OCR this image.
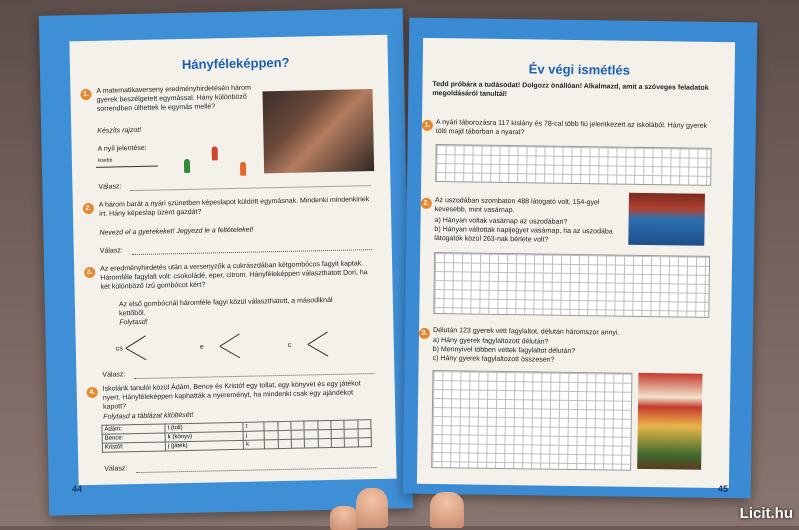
Hányféleképpen?
1.	A matematikaverseny eredményhirdetésén három gyerek beszélgetett egymással. Hány különböző sorrendben ülhettek le egymás mellé?
Készíts rajzot!
A nyíl jelentése:
kisebb
Válasz:
2.	A három barát a nyári szünetben képeslapot küldött egymásnak. Mindenki mindenkinek írt. Hány képeslap üzent gazdát?
Nevezd el a gyerekeket! Jegyezd le a feltételeket!
Válasz:
3.	Az eredményhirdetés után a versenyzők a cukrászdában kétgombócos fagyit kaptak. Háromféle fagylalt volt: csokoládé, eper, citrom. Hányféleképpen választhatott Dori, ha két különböző ízű gombócot kért?
Az első gombócnál háromféle fagyi közül választhatott, a másodiknál kettőből.
Folytasd!
cs	e	c
Válasz:
4.	Iskolánk tanulói közül Ádám, Bence és Kristóf egy tollat, egy könyvet és egy játékot nyert. Hányféleképpen kaphatták a nyereményt, ha mindenki csak egy ajándékot kapott?
Folytasd a táblázat kitöltését!
Ádám:	t (toll)	t								
Bence:	k (könyv)	j								
Kristóf:	j (játék)	k								
Válasz:
44
Év végi ismétlés
Tedd próbára a tudásodat! Dolgozz önállóan! Alkalmazd, amit a szöveges feladatok megoldásáról tanultál!
1. A nyári táborozásra 117 kislány és 78-cal több fiú jelentkezett az iskolából. Hány gyerek tölti majd táborban a nyarat?
2. Az uszodában szombaton 488 látogató volt, 154-gyel kevesebb, mint vasárnap.
a) Hányan voltak vasárnap az uszodában?
b) Hányan váltottak napijegyet vasárnap, ha az uszodába látogatók közül 263-nak bérlete volt?
3. Délután 123 gyerek vett fagylaltot, délután háromszor annyi.
a) Hány gyerek fagylaltozott délután?
b) Mennyivel többen vettek fagylaltot délután?
c) Hány gyerek fagylaltozott összesen?
45
Licit.hu
